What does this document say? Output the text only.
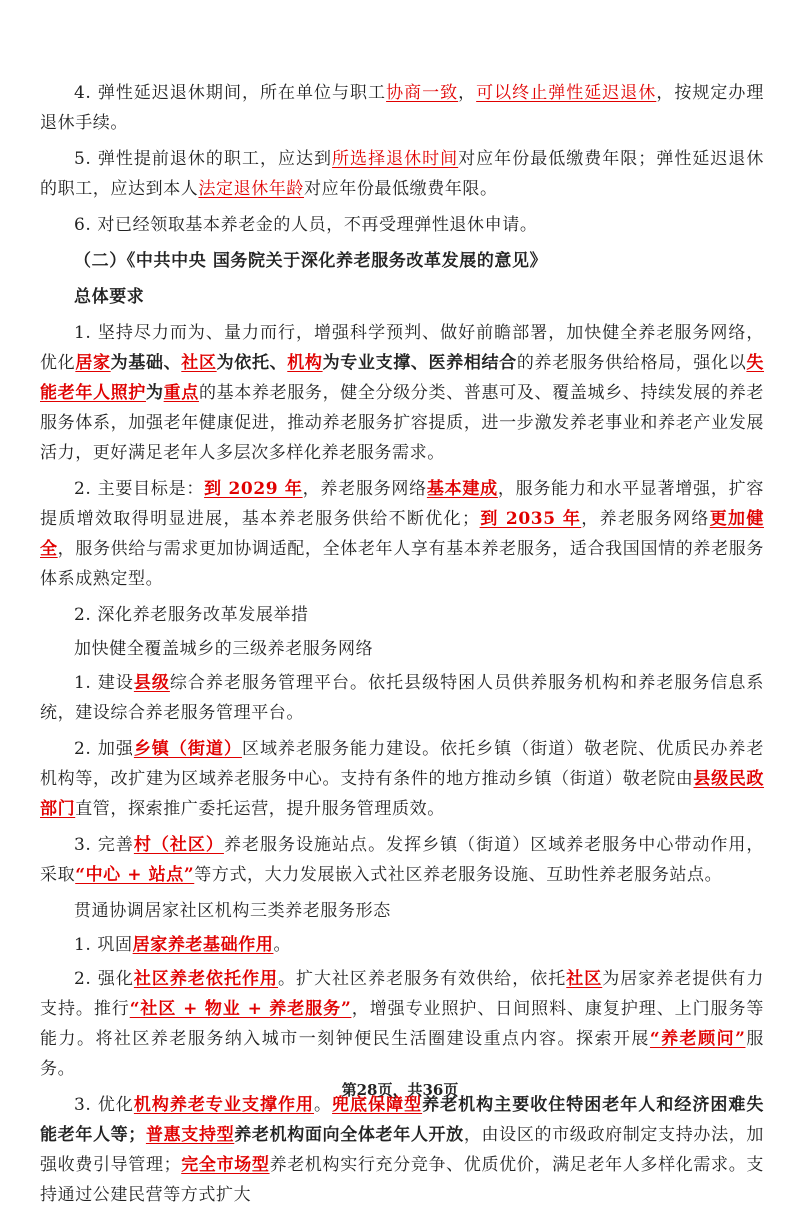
4. 弹性延迟退休期间，所在单位与职工协商一致，可以终止弹性延迟退休，按规定办理退休手续。

5. 弹性提前退休的职工，应达到所选择退休时间对应年份最低缴费年限；弹性延迟退休的职工，应达到本人法定退休年龄对应年份最低缴费年限。

6. 对已经领取基本养老金的人员，不再受理弹性退休申请。

（二）《中共中央 国务院关于深化养老服务改革发展的意见》

总体要求

1. 坚持尽力而为、量力而行，增强科学预判、做好前瞻部署，加快健全养老服务网络，优化居家为基础、社区为依托、机构为专业支撑、医养相结合的养老服务供给格局，强化以失能老年人照护为重点的基本养老服务，健全分级分类、普惠可及、覆盖城乡、持续发展的养老服务体系，加强老年健康促进，推动养老服务扩容提质，进一步激发养老事业和养老产业发展活力，更好满足老年人多层次多样化养老服务需求。

2. 主要目标是：到 2029 年，养老服务网络基本建成，服务能力和水平显著增强，扩容提质增效取得明显进展，基本养老服务供给不断优化；到 2035 年，养老服务网络更加健全，服务供给与需求更加协调适配，全体老年人享有基本养老服务，适合我国国情的养老服务体系成熟定型。

2. 深化养老服务改革发展举措

加快健全覆盖城乡的三级养老服务网络

1. 建设县级综合养老服务管理平台。依托县级特困人员供养服务机构和养老服务信息系统，建设综合养老服务管理平台。

2. 加强乡镇（街道）区域养老服务能力建设。依托乡镇（街道）敬老院、优质民办养老机构等，改扩建为区域养老服务中心。支持有条件的地方推动乡镇（街道）敬老院由县级民政部门直管，探索推广委托运营，提升服务管理质效。

3. 完善村（社区）养老服务设施站点。发挥乡镇（街道）区域养老服务中心带动作用，采取“中心 + 站点”等方式，大力发展嵌入式社区养老服务设施、互助性养老服务站点。

贯通协调居家社区机构三类养老服务形态

1. 巩固居家养老基础作用。

2. 强化社区养老依托作用。扩大社区养老服务有效供给，依托社区为居家养老提供有力支持。推行“社区 + 物业 + 养老服务”，增强专业照护、日间照料、康复护理、上门服务等能力。将社区养老服务纳入城市一刻钟便民生活圈建设重点内容。探索开展“养老顾问”服务。

3. 优化机构养老专业支撑作用。兜底保障型养老机构主要收住特困老年人和经济困难失能老年人等；普惠支持型养老机构面向全体老年人开放，由设区的市级政府制定支持办法，加强收费引导管理；完全市场型养老机构实行充分竞争、优质优价，满足老年人多样化需求。支持通过公建民营等方式扩大

第28页，共36页
